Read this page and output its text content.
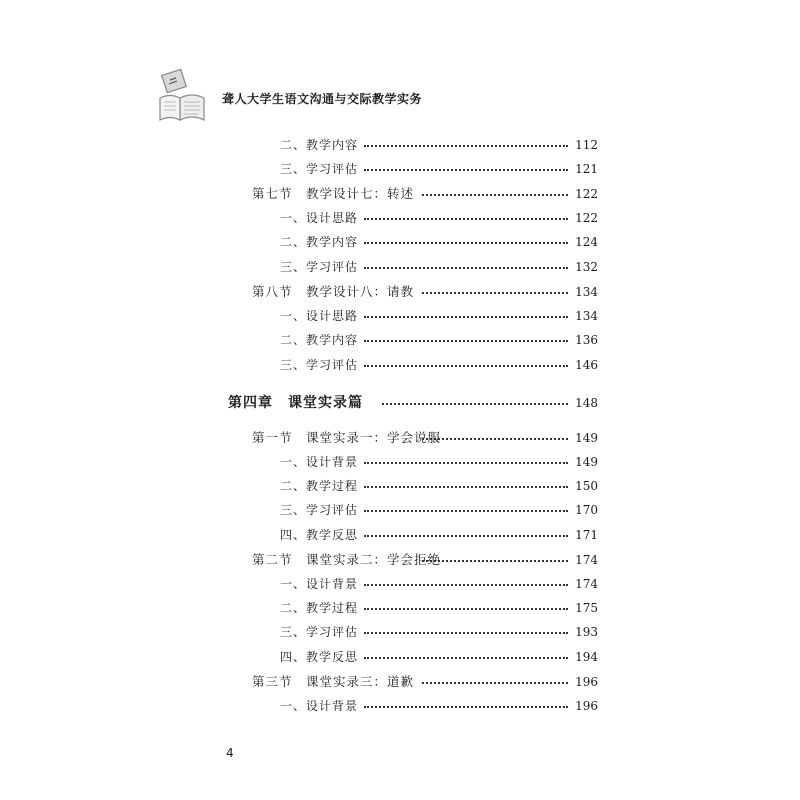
聋人大学生语文沟通与交际教学实务
二、教学内容	112
三、学习评估	121
第七节　教学设计七：转述	122
一、设计思路	122
二、教学内容	124
三、学习评估	132
第八节　教学设计八：请教	134
一、设计思路	134
二、教学内容	136
三、学习评估	146
第四章　课堂实录篇	148
第一节　课堂实录一：学会说服	149
一、设计背景	149
二、教学过程	150
三、学习评估	170
四、教学反思	171
第二节　课堂实录二：学会拒绝	174
一、设计背景	174
二、教学过程	175
三、学习评估	193
四、教学反思	194
第三节　课堂实录三：道歉	196
一、设计背景	196
4
